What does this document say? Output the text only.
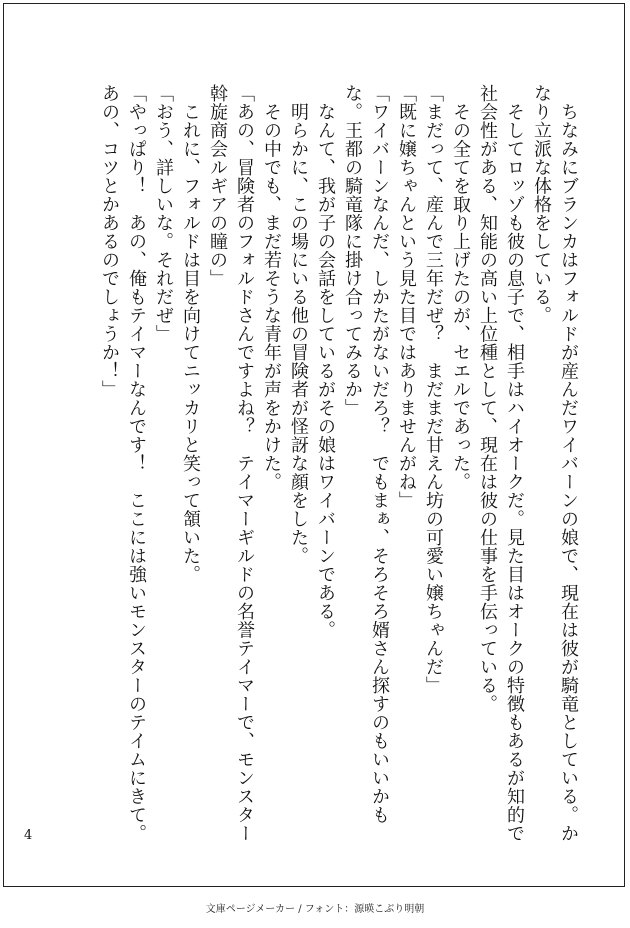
　ちなみにブランカはフォルドが産んだワイバーンの娘で、現在は彼が騎竜としている。かなり立派な体格をしている。

　そしてロッゾも彼の息子で、相手はハイオークだ。見た目はオークの特徴もあるが知的で社会性がある、知能の高い上位種として、現在は彼の仕事を手伝っている。

　その全てを取り上げたのが、セエルであった。

「まだって、産んで三年だぜ？　まだまだ甘えん坊の可愛い嬢ちゃんだ」

「既に嬢ちゃんという見た目ではありませんがね」

「ワイバーンなんだ、しかたがないだろ？　でもまぁ、そろそろ婿さん探すのもいいかもな。王都の騎竜隊に掛け合ってみるか」

　なんて、我が子の会話をしているがその娘はワイバーンである。

　明らかに、この場にいる他の冒険者が怪訝な顔をした。

　その中でも、まだ若そうな青年が声をかけた。

「あの、冒険者のフォルドさんですよね？　テイマーギルドの名誉テイマーで、モンスター斡旋商会ルギアの瞳の」

　これに、フォルドは目を向けてニッカリと笑って頷いた。

「おう、詳しいな。それだぜ」

「やっぱり！　あの、俺もテイマーなんです！　ここには強いモンスターのテイムにきて。あの、コツとかあるのでしょうか！」

4
文庫ページメーカー / フォント：源暎こぶり明朝
